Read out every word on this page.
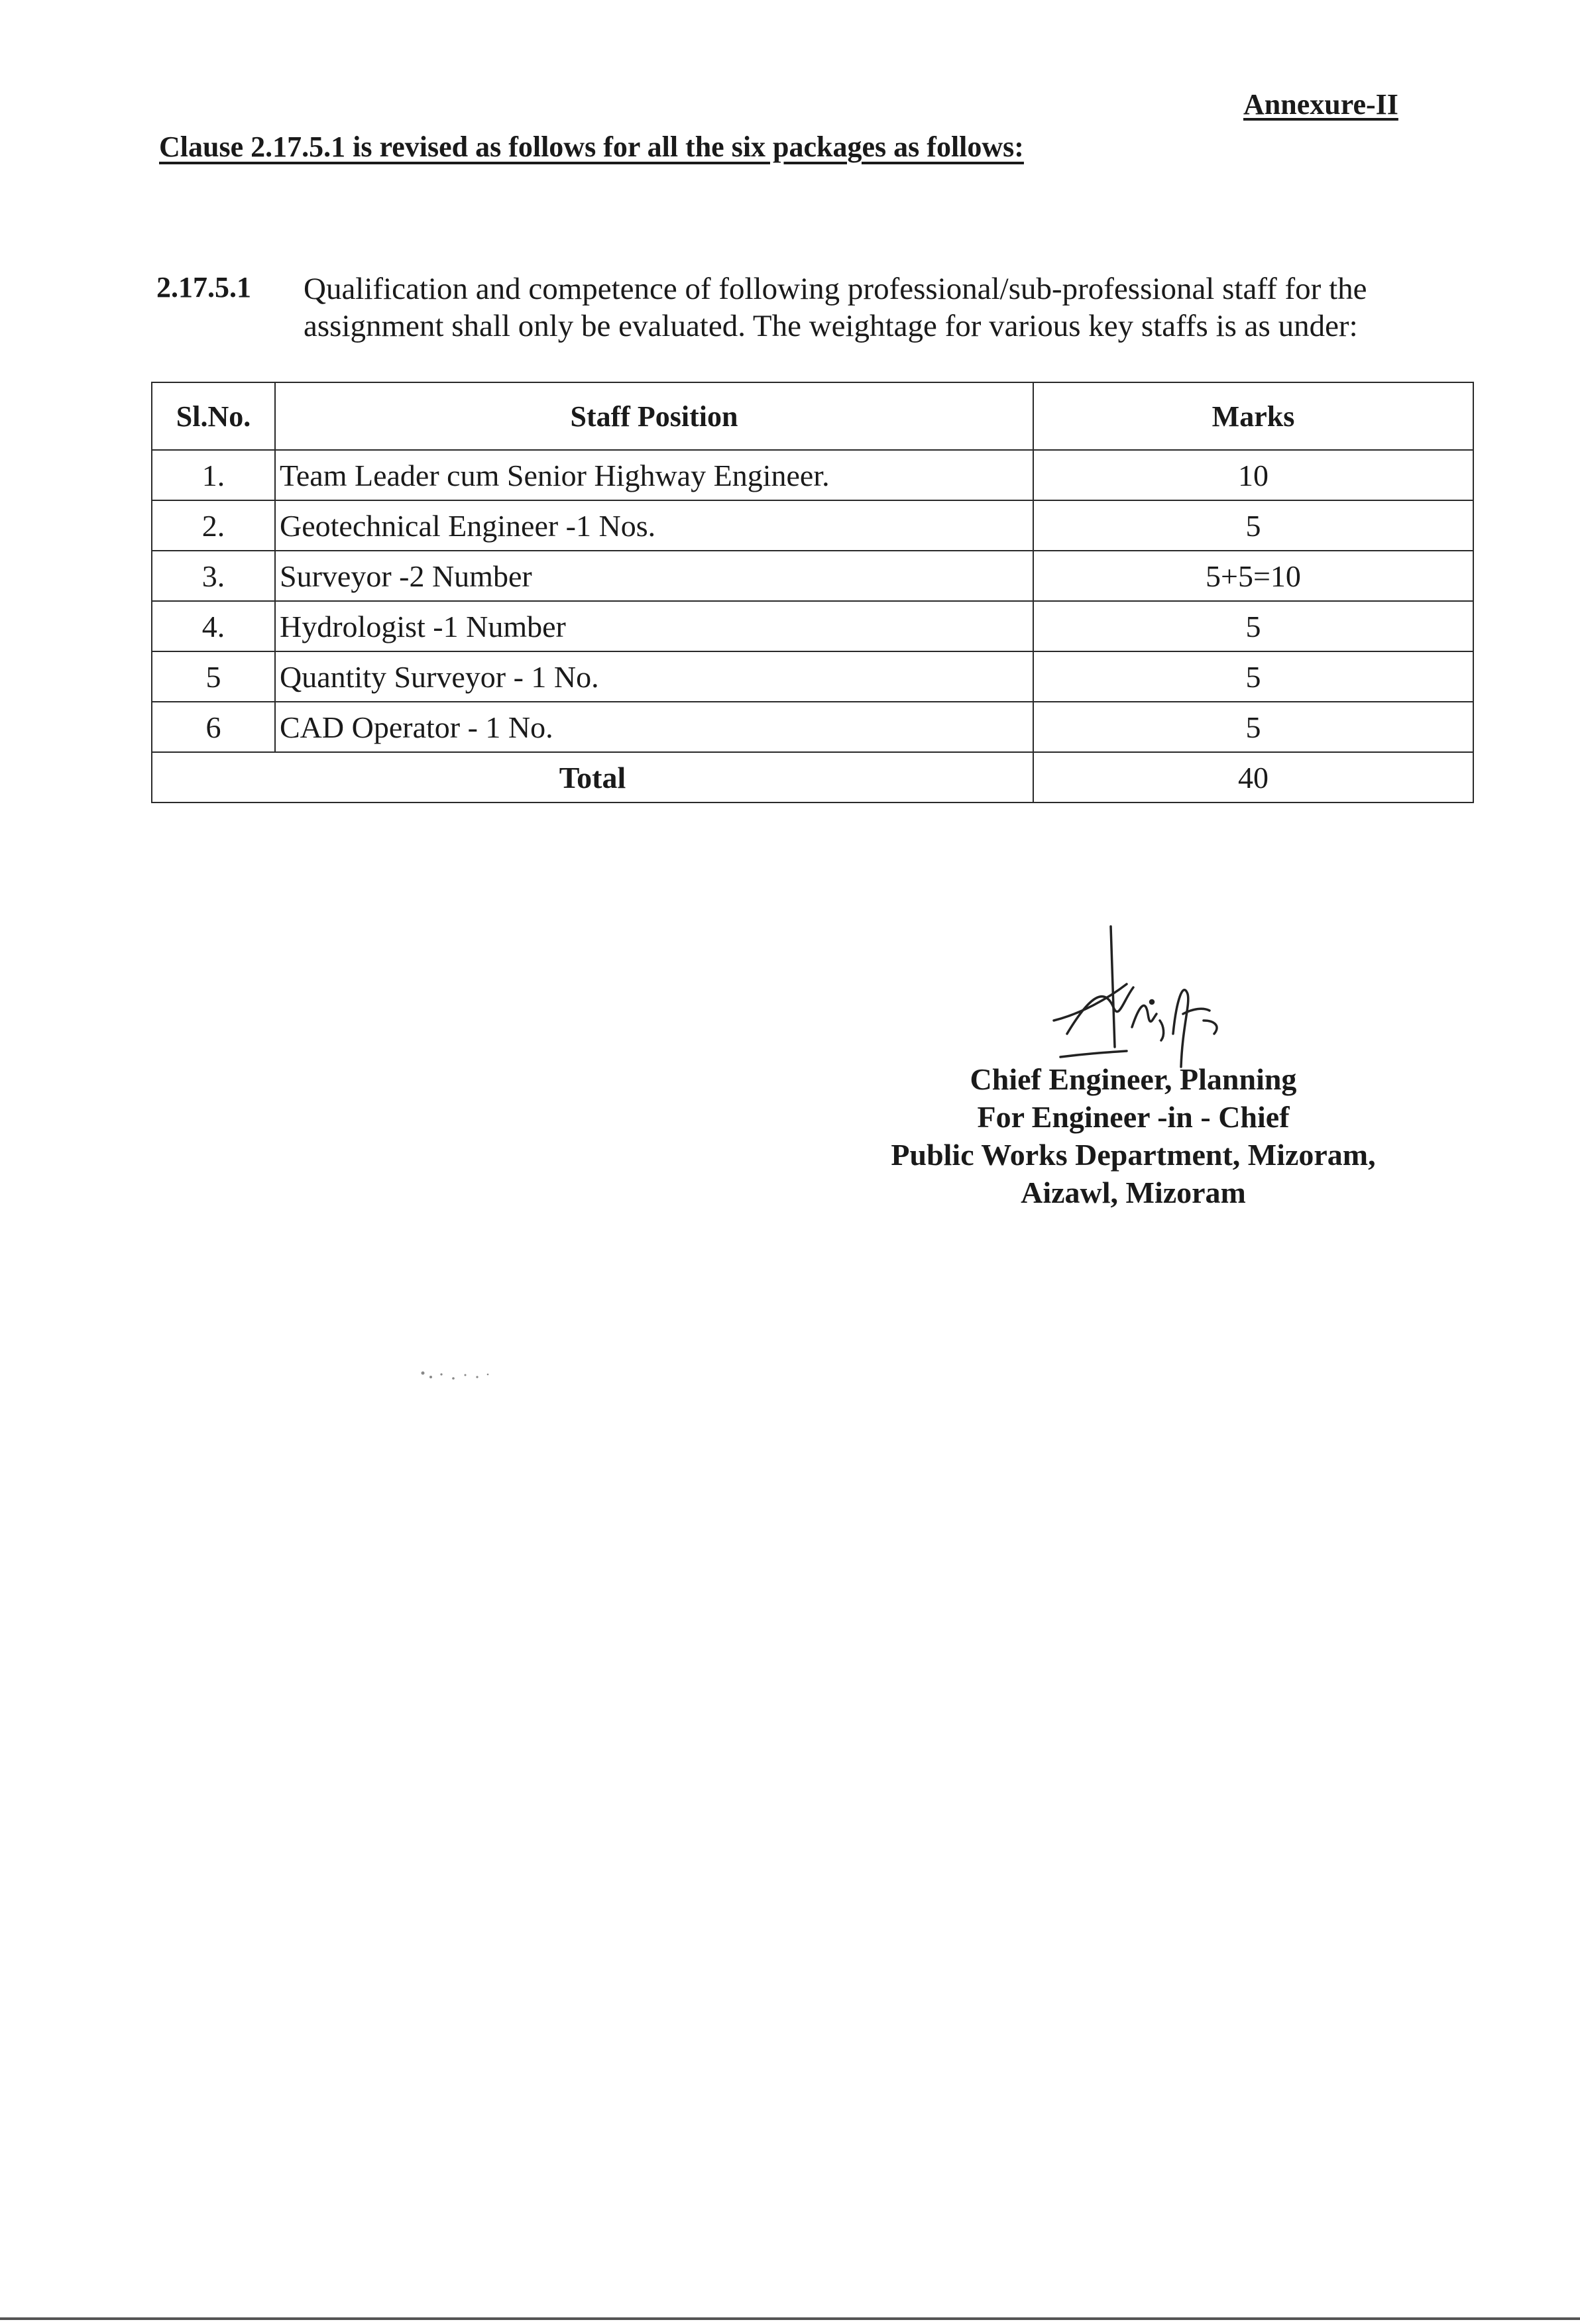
Annexure-II
Clause 2.17.5.1 is revised as follows for all the six packages as follows:
2.17.5.1 Qualification and competence of following professional/sub-professional staff for the assignment shall only be evaluated. The weightage for various key staffs is as under:
Sl.No.	Staff Position	Marks
1.	Team Leader cum Senior Highway Engineer.	10
2.	Geotechnical Engineer -1 Nos.	5
3.	Surveyor -2 Number	5+5=10
4.	Hydrologist -1 Number	5
5	Quantity Surveyor - 1 No.	5
6	CAD Operator - 1 No.	5
Total		40
Chief Engineer, Planning
For Engineer -in - Chief
Public Works Department, Mizoram,
Aizawl, Mizoram
